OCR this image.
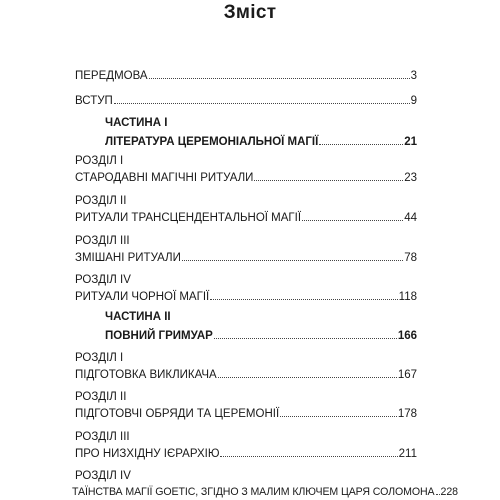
Зміст
ПЕРЕДМОВА	3
ВСТУП	9
ЧАСТИНА І
ЛІТЕРАТУРА ЦЕРЕМОНІАЛЬНОЇ МАГІЇ	21
РОЗДІЛ І
СТАРОДАВНІ МАГІЧНІ РИТУАЛИ	23
РОЗДІЛ ІІ
РИТУАЛИ ТРАНСЦЕНДЕНТАЛЬНОЇ МАГІЇ	44
РОЗДІЛ ІІІ
ЗМІШАНІ РИТУАЛИ	78
РОЗДІЛ IV
РИТУАЛИ ЧОРНОЇ МАГІЇ	118
ЧАСТИНА ІІ
ПОВНИЙ ГРИМУАР	166
РОЗДІЛ І
ПІДГОТОВКА ВИКЛИКАЧА	167
РОЗДІЛ ІІ
ПІДГОТОВЧІ ОБРЯДИ ТА ЦЕРЕМОНІЇ	178
РОЗДІЛ ІІІ
ПРО НИЗХІДНУ ІЄРАРХІЮ	211
РОЗДІЛ IV
ТАЇНСТВА МАГІЇ GOETIC, ЗГІДНО З МАЛИМ КЛЮЧЕМ ЦАРЯ СОЛОМОНА 228
